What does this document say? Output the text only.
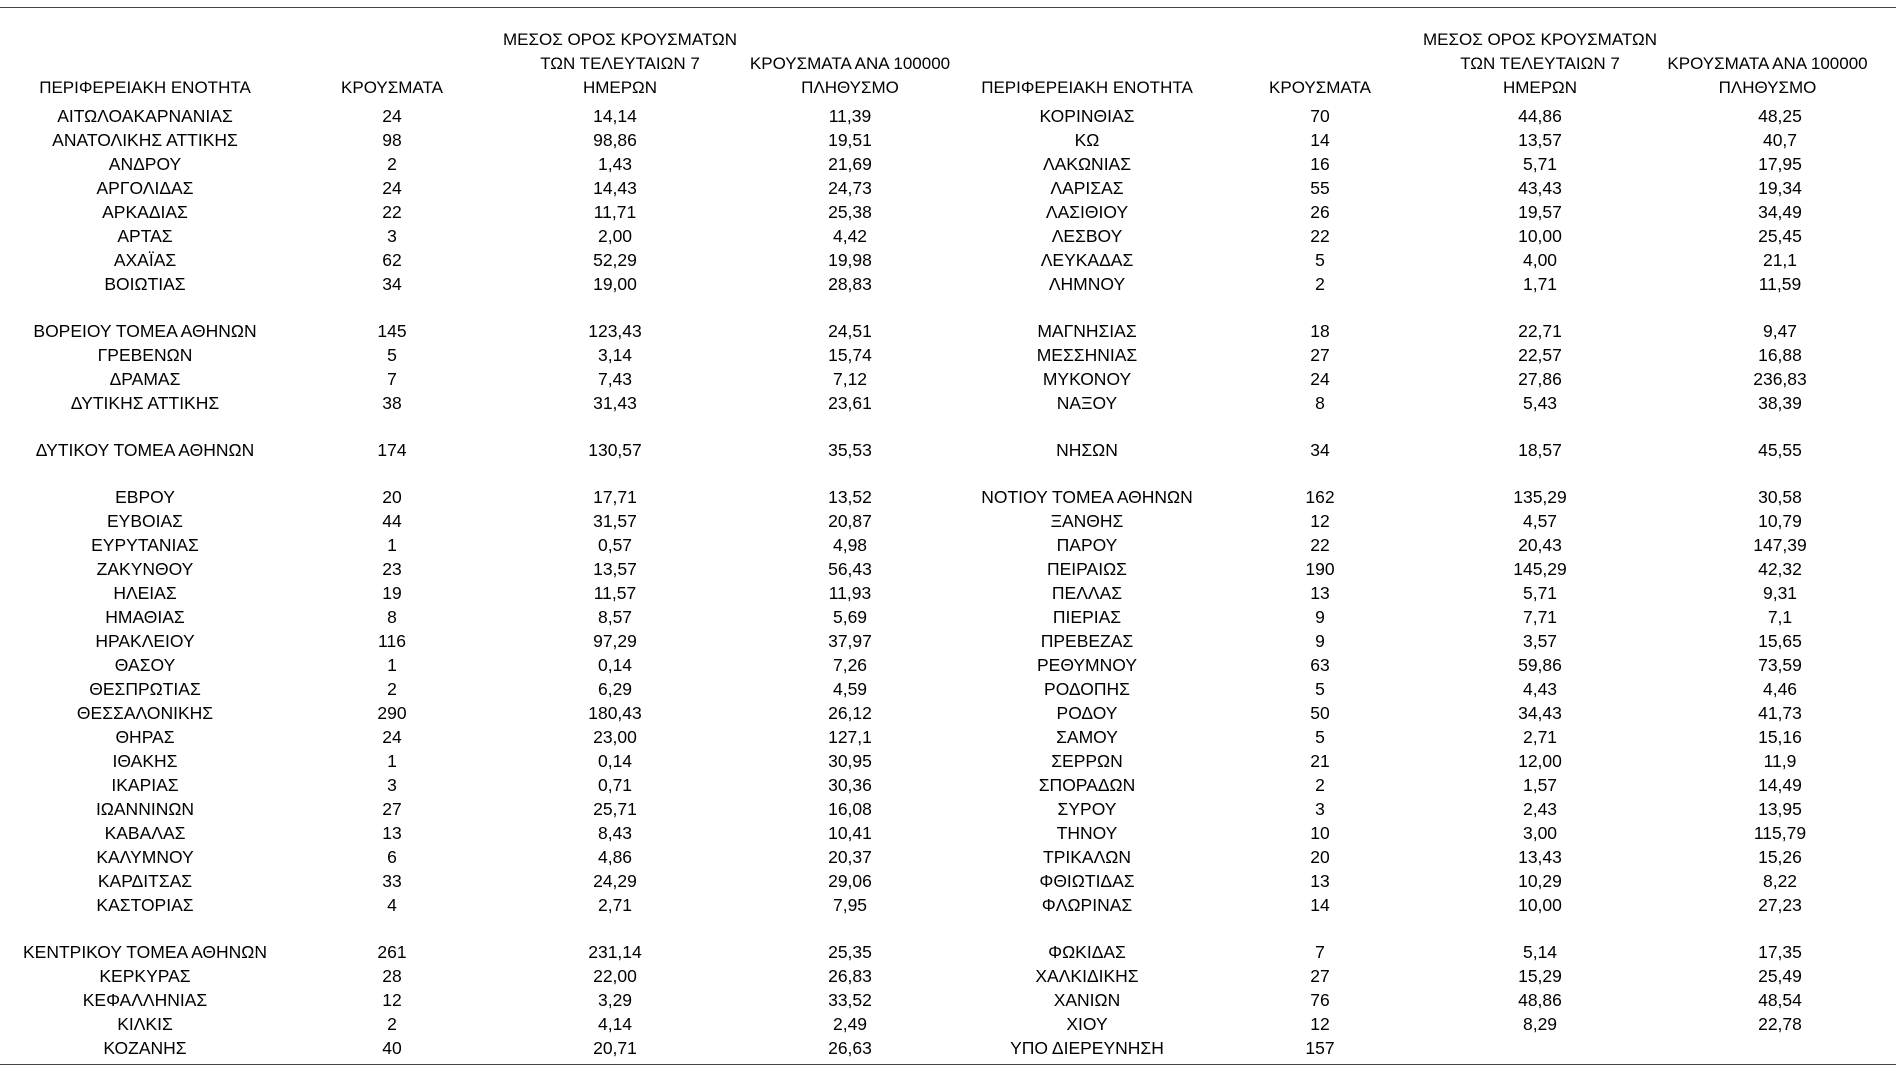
ΠΕΡΙΦΕΡΕΙΑΚΗ ΕΝΟΤΗΤΑ	ΚΡΟΥΣΜΑΤΑ
ΜΕΣΟΣ ΟΡΟΣ ΚΡΟΥΣΜΑΤΩΝ
ΤΩΝ ΤΕΛΕΥΤΑΙΩΝ 7
ΗΜΕΡΩΝ
ΚΡΟΥΣΜΑΤΑ ΑΝΑ 100000
ΠΛΗΘΥΣΜΟ
ΑΙΤΩΛΟΑΚΑΡΝΑΝΙΑΣ	24	14,14	11,39
ΑΝΑΤΟΛΙΚΗΣ ΑΤΤΙΚΗΣ	98	98,86	19,51
ΑΝΔΡΟΥ	2	1,43	21,69
ΑΡΓΟΛΙΔΑΣ	24	14,43	24,73
ΑΡΚΑΔΙΑΣ	22	11,71	25,38
ΑΡΤΑΣ	3	2,00	4,42
ΑΧΑΪΑΣ	62	52,29	19,98
ΒΟΙΩΤΙΑΣ	34	19,00	28,83
ΒΟΡΕΙΟΥ ΤΟΜΕΑ ΑΘΗΝΩΝ	145	123,43	24,51
ΓΡΕΒΕΝΩΝ	5	3,14	15,74
ΔΡΑΜΑΣ	7	7,43	7,12
ΔΥΤΙΚΗΣ ΑΤΤΙΚΗΣ	38	31,43	23,61
ΔΥΤΙΚΟΥ ΤΟΜΕΑ ΑΘΗΝΩΝ	174	130,57	35,53
ΕΒΡΟΥ	20	17,71	13,52
ΕΥΒΟΙΑΣ	44	31,57	20,87
ΕΥΡΥΤΑΝΙΑΣ	1	0,57	4,98
ΖΑΚΥΝΘΟΥ	23	13,57	56,43
ΗΛΕΙΑΣ	19	11,57	11,93
ΗΜΑΘΙΑΣ	8	8,57	5,69
ΗΡΑΚΛΕΙΟΥ	116	97,29	37,97
ΘΑΣΟΥ	1	0,14	7,26
ΘΕΣΠΡΩΤΙΑΣ	2	6,29	4,59
ΘΕΣΣΑΛΟΝΙΚΗΣ	290	180,43	26,12
ΘΗΡΑΣ	24	23,00	127,1
ΙΘΑΚΗΣ	1	0,14	30,95
ΙΚΑΡΙΑΣ	3	0,71	30,36
ΙΩΑΝΝΙΝΩΝ	27	25,71	16,08
ΚΑΒΑΛΑΣ	13	8,43	10,41
ΚΑΛΥΜΝΟΥ	6	4,86	20,37
ΚΑΡΔΙΤΣΑΣ	33	24,29	29,06
ΚΑΣΤΟΡΙΑΣ	4	2,71	7,95
ΚΕΝΤΡΙΚΟΥ ΤΟΜΕΑ ΑΘΗΝΩΝ	261	231,14	25,35
ΚΕΡΚΥΡΑΣ	28	22,00	26,83
ΚΕΦΑΛΛΗΝΙΑΣ	12	3,29	33,52
ΚΙΛΚΙΣ	2	4,14	2,49
ΚΟΖΑΝΗΣ	40	20,71	26,63
ΠΕΡΙΦΕΡΕΙΑΚΗ ΕΝΟΤΗΤΑ	ΚΡΟΥΣΜΑΤΑ
ΜΕΣΟΣ ΟΡΟΣ ΚΡΟΥΣΜΑΤΩΝ
ΤΩΝ ΤΕΛΕΥΤΑΙΩΝ 7
ΗΜΕΡΩΝ
ΚΡΟΥΣΜΑΤΑ ΑΝΑ 100000
ΠΛΗΘΥΣΜΟ
ΚΟΡΙΝΘΙΑΣ	70	44,86	48,25
ΚΩ	14	13,57	40,7
ΛΑΚΩΝΙΑΣ	16	5,71	17,95
ΛΑΡΙΣΑΣ	55	43,43	19,34
ΛΑΣΙΘΙΟΥ	26	19,57	34,49
ΛΕΣΒΟΥ	22	10,00	25,45
ΛΕΥΚΑΔΑΣ	5	4,00	21,1
ΛΗΜΝΟΥ	2	1,71	11,59
ΜΑΓΝΗΣΙΑΣ	18	22,71	9,47
ΜΕΣΣΗΝΙΑΣ	27	22,57	16,88
ΜΥΚΟΝΟΥ	24	27,86	236,83
ΝΑΞΟΥ	8	5,43	38,39
ΝΗΣΩΝ	34	18,57	45,55
ΝΟΤΙΟΥ ΤΟΜΕΑ ΑΘΗΝΩΝ	162	135,29	30,58
ΞΑΝΘΗΣ	12	4,57	10,79
ΠΑΡΟΥ	22	20,43	147,39
ΠΕΙΡΑΙΩΣ	190	145,29	42,32
ΠΕΛΛΑΣ	13	5,71	9,31
ΠΙΕΡΙΑΣ	9	7,71	7,1
ΠΡΕΒΕΖΑΣ	9	3,57	15,65
ΡΕΘΥΜΝΟΥ	63	59,86	73,59
ΡΟΔΟΠΗΣ	5	4,43	4,46
ΡΟΔΟΥ	50	34,43	41,73
ΣΑΜΟΥ	5	2,71	15,16
ΣΕΡΡΩΝ	21	12,00	11,9
ΣΠΟΡΑΔΩΝ	2	1,57	14,49
ΣΥΡΟΥ	3	2,43	13,95
ΤΗΝΟΥ	10	3,00	115,79
ΤΡΙΚΑΛΩΝ	20	13,43	15,26
ΦΘΙΩΤΙΔΑΣ	13	10,29	8,22
ΦΛΩΡΙΝΑΣ	14	10,00	27,23
ΦΩΚΙΔΑΣ	7	5,14	17,35
ΧΑΛΚΙΔΙΚΗΣ	27	15,29	25,49
ΧΑΝΙΩΝ	76	48,86	48,54
ΧΙΟΥ	12	8,29	22,78
ΥΠΟ ΔΙΕΡΕΥΝΗΣΗ	157
